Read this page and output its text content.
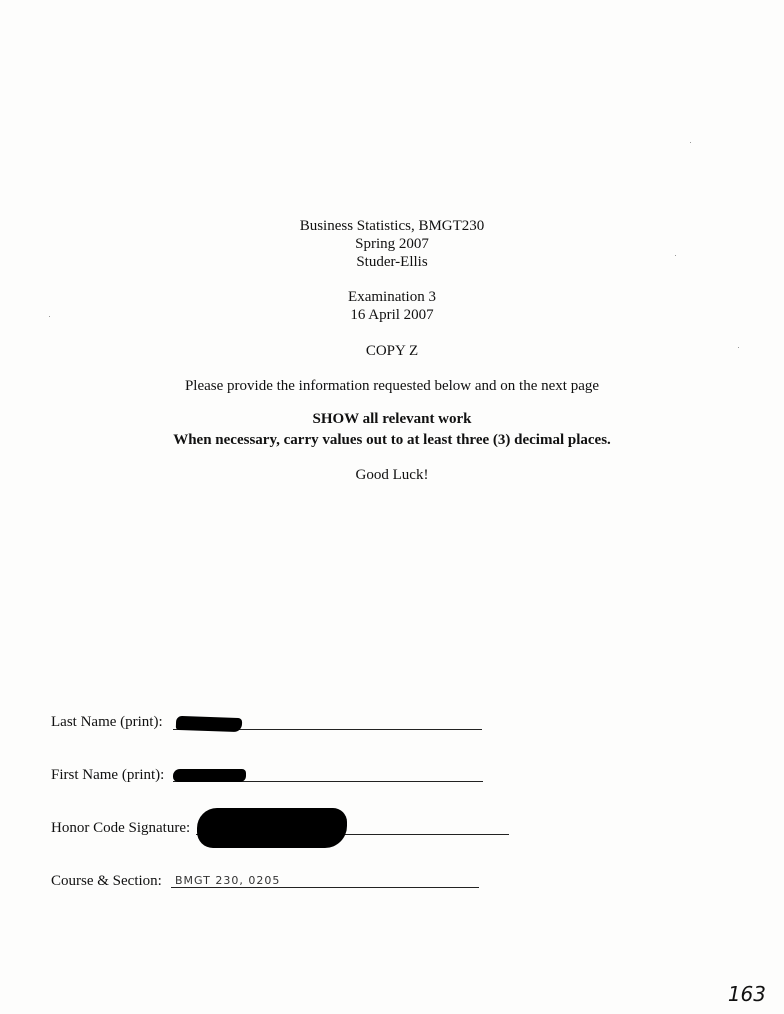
Business Statistics, BMGT230
Spring 2007
Studer-Ellis
Examination 3
16 April 2007
COPY Z
Please provide the information requested below and on the next page
SHOW all relevant work
When necessary, carry values out to at least three (3) decimal places.
Good Luck!
Last Name (print):
First Name (print):
Honor Code Signature:
Course & Section: BMGT 230, 0205
163
